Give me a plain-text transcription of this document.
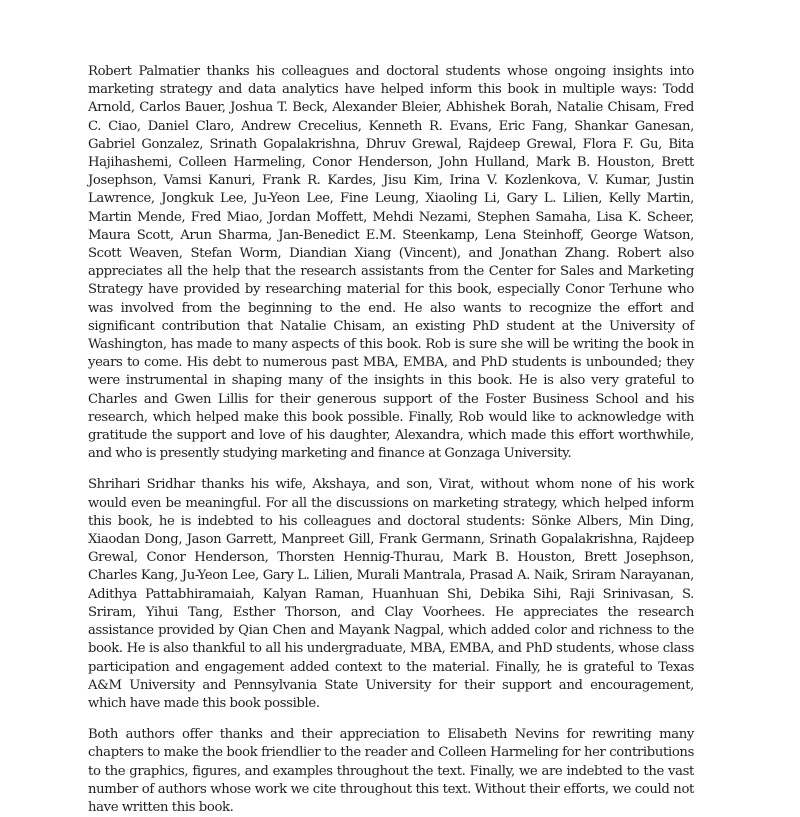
Robert Palmatier thanks his colleagues and doctoral students whose ongoing insights into marketing strategy and data analytics have helped inform this book in multiple ways: Todd Arnold, Carlos Bauer, Joshua T. Beck, Alexander Bleier, Abhishek Borah, Natalie Chisam, Fred C. Ciao, Daniel Claro, Andrew Crecelius, Kenneth R. Evans, Eric Fang, Shankar Ganesan, Gabriel Gonzalez, Srinath Gopalakrishna, Dhruv Grewal, Rajdeep Grewal, Flora F. Gu, Bita Hajihashemi, Colleen Harmeling, Conor Henderson, John Hulland, Mark B. Houston, Brett Josephson, Vamsi Kanuri, Frank R. Kardes, Jisu Kim, Irina V. Kozlenkova, V. Kumar, Justin Lawrence, Jongkuk Lee, Ju-Yeon Lee, Fine Leung, Xiaoling Li, Gary L. Lilien, Kelly Martin, Martin Mende, Fred Miao, Jordan Moffett, Mehdi Nezami, Stephen Samaha, Lisa K. Scheer, Maura Scott, Arun Sharma, Jan-Benedict E.M. Steenkamp, Lena Steinhoff, George Watson, Scott Weaven, Stefan Worm, Diandian Xiang (Vincent), and Jonathan Zhang. Robert also appreciates all the help that the research assistants from the Center for Sales and Marketing Strategy have provided by researching material for this book, especially Conor Terhune who was involved from the beginning to the end. He also wants to recognize the effort and significant contribution that Natalie Chisam, an existing PhD student at the University of Washington, has made to many aspects of this book. Rob is sure she will be writing the book in years to come. His debt to numerous past MBA, EMBA, and PhD students is unbounded; they were instrumental in shaping many of the insights in this book. He is also very grateful to Charles and Gwen Lillis for their generous support of the Foster Business School and his research, which helped make this book possible. Finally, Rob would like to acknowledge with gratitude the support and love of his daughter, Alexandra, which made this effort worthwhile, and who is presently studying marketing and finance at Gonzaga University.

Shrihari Sridhar thanks his wife, Akshaya, and son, Virat, without whom none of his work would even be meaningful. For all the discussions on marketing strategy, which helped inform this book, he is indebted to his colleagues and doctoral students: Sönke Albers, Min Ding, Xiaodan Dong, Jason Garrett, Manpreet Gill, Frank Germann, Srinath Gopalakrishna, Rajdeep Grewal, Conor Henderson, Thorsten Hennig-Thurau, Mark B. Houston, Brett Josephson, Charles Kang, Ju-Yeon Lee, Gary L. Lilien, Murali Mantrala, Prasad A. Naik, Sriram Narayanan, Adithya Pattabhiramaiah, Kalyan Raman, Huanhuan Shi, Debika Sihi, Raji Srinivasan, S. Sriram, Yihui Tang, Esther Thorson, and Clay Voorhees. He appreciates the research assistance provided by Qian Chen and Mayank Nagpal, which added color and richness to the book. He is also thankful to all his undergraduate, MBA, EMBA, and PhD students, whose class participation and engagement added context to the material. Finally, he is grateful to Texas A&M University and Pennsylvania State University for their support and encouragement, which have made this book possible.

Both authors offer thanks and their appreciation to Elisabeth Nevins for rewriting many chapters to make the book friendlier to the reader and Colleen Harmeling for her contributions to the graphics, figures, and examples throughout the text. Finally, we are indebted to the vast number of authors whose work we cite throughout this text. Without their efforts, we could not have written this book.
